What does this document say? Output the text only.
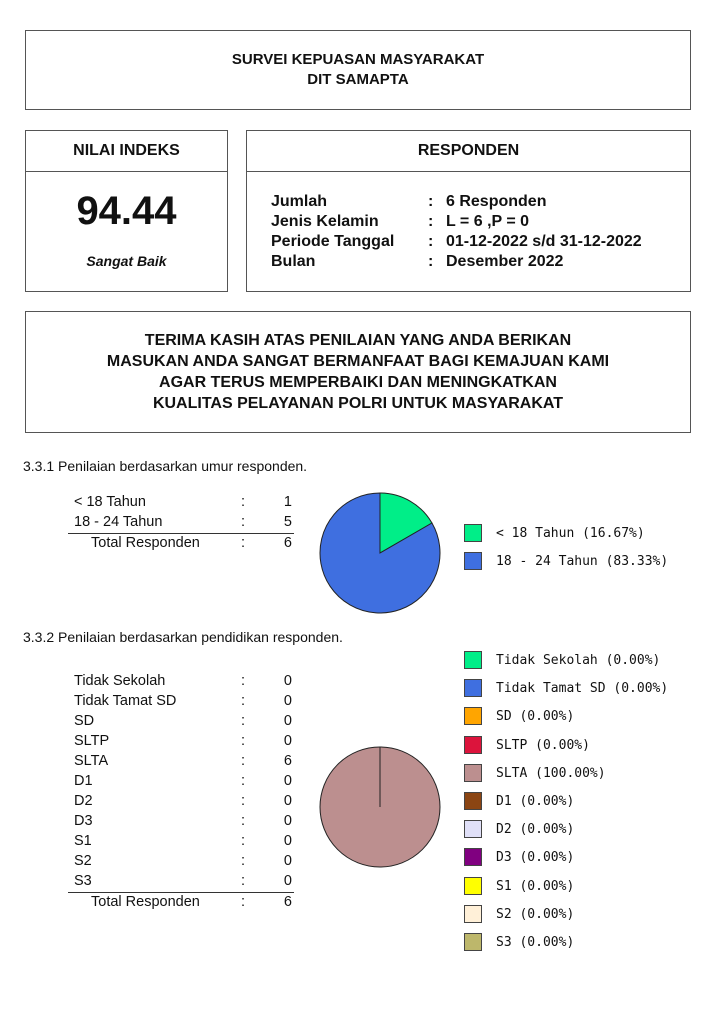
SURVEI KEPUASAN MASYARAKAT
DIT SAMAPTA
NILAI INDEKS
94.44
Sangat Baik
RESPONDEN
Jumlah	: 6 Responden
Jenis Kelamin	: L = 6 ,P = 0
Periode Tanggal : 01-12-2022 s/d 31-12-2022
Bulan	: Desember 2022
TERIMA KASIH ATAS PENILAIAN YANG ANDA BERIKAN
MASUKAN ANDA SANGAT BERMANFAAT BAGI KEMAJUAN KAMI
AGAR TERUS MEMPERBAIKI DAN MENINGKATKAN
KUALITAS PELAYANAN POLRI UNTUK MASYARAKAT
3.3.1 Penilaian berdasarkan umur responden.
< 18 Tahun	:	1
18 - 24 Tahun	:	5
Total Responden	:	6
< 18 Tahun (16.67%)
18 - 24 Tahun (83.33%)
3.3.2 Penilaian berdasarkan pendidikan responden.
Tidak Sekolah	:	0
Tidak Tamat SD	:	0
SD	:	0
SLTP	:	0
SLTA	:	6
D1	:	0
D2	:	0
D3	:	0
S1	:	0
S2	:	0
S3	:	0
Total Responden	:	6
Tidak Sekolah (0.00%)
Tidak Tamat SD (0.00%)
SD (0.00%)
SLTP (0.00%)
SLTA (100.00%)
D1 (0.00%)
D2 (0.00%)
D3 (0.00%)
S1 (0.00%)
S2 (0.00%)
S3 (0.00%)
